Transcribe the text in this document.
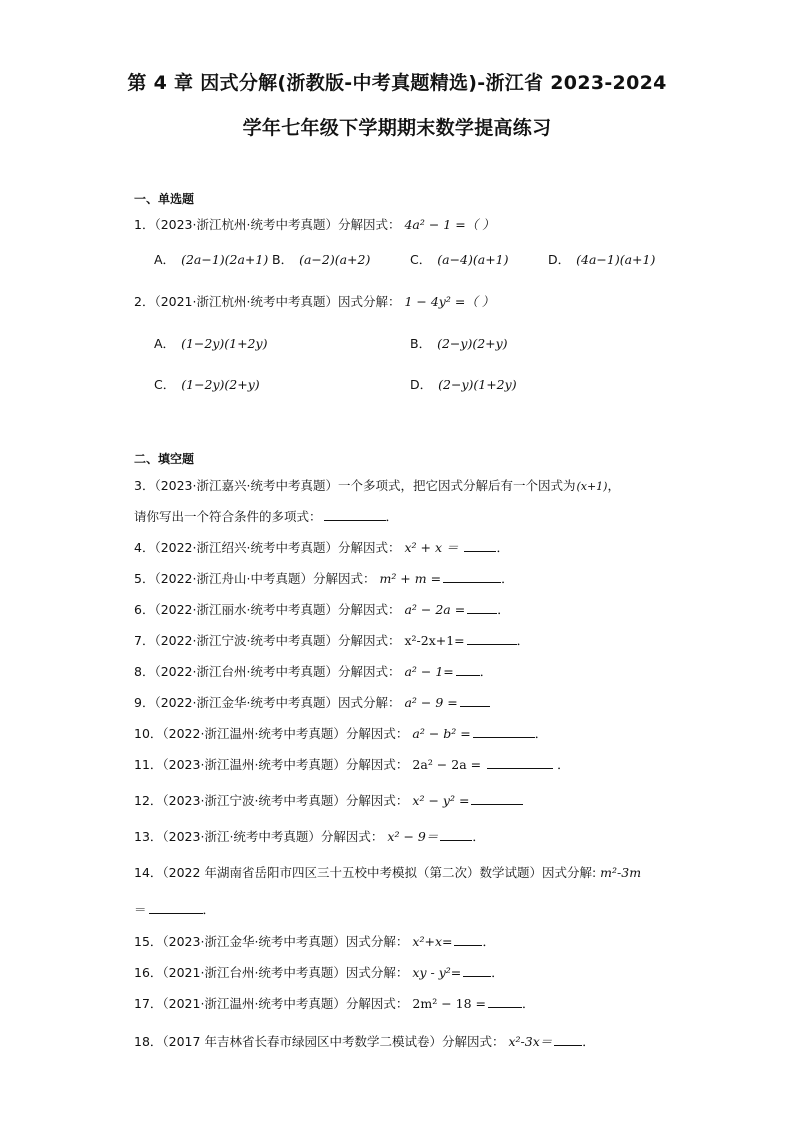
第 4 章 因式分解(浙教版-中考真题精选)-浙江省 2023-2024
学年七年级下学期期末数学提高练习
一、单选题
1．（2023·浙江杭州·统考中考真题）分解因式： 4a² − 1 =（ ）
A． (2a−1)(2a+1) B． (a−2)(a+2)	C． (a−4)(a+1)	D． (4a−1)(a+1)
2．（2021·浙江杭州·统考中考真题）因式分解： 1 − 4y² =（ ）
A． (1−2y)(1+2y)	B． (2−y)(2+y)
C． (1−2y)(2+y)	D． (2−y)(1+2y)
二、填空题
3．（2023·浙江嘉兴·统考中考真题）一个多项式，把它因式分解后有一个因式为(x+1)，
请你写出一个符合条件的多项式：	．
4．（2022·浙江绍兴·统考中考真题）分解因式： x² + x ＝	．
5．（2022·浙江舟山·中考真题）分解因式： m² + m =	．
6．（2022·浙江丽水·统考中考真题）分解因式： a² − 2a =	．
7．（2022·浙江宁波·统考中考真题）分解因式： x²-2x+1=	．
8．（2022·浙江台州·统考中考真题）分解因式： a² − 1= ．
9．（2022·浙江金华·统考中考真题）因式分解： a² − 9 =
10．（2022·浙江温州·统考中考真题）分解因式： a² − b² =	．
11．（2023·浙江温州·统考中考真题）分解因式： 2a² − 2a =	．
12．（2023·浙江宁波·统考中考真题）分解因式： x² − y² =
13．（2023·浙江·统考中考真题）分解因式： x² − 9＝	．
14．（2022 年湖南省岳阳市四区三十五校中考模拟（第二次）数学试题）因式分解: m²-3m
＝	．
15．（2023·浙江金华·统考中考真题）因式分解： x²+x= ．
16．（2021·浙江台州·统考中考真题）因式分解： xy - y²= ．
17．（2021·浙江温州·统考中考真题）分解因式： 2m² − 18 =	．
18．（2017 年吉林省长春市绿园区中考数学二模试卷）分解因式： x²-3x＝ ．
